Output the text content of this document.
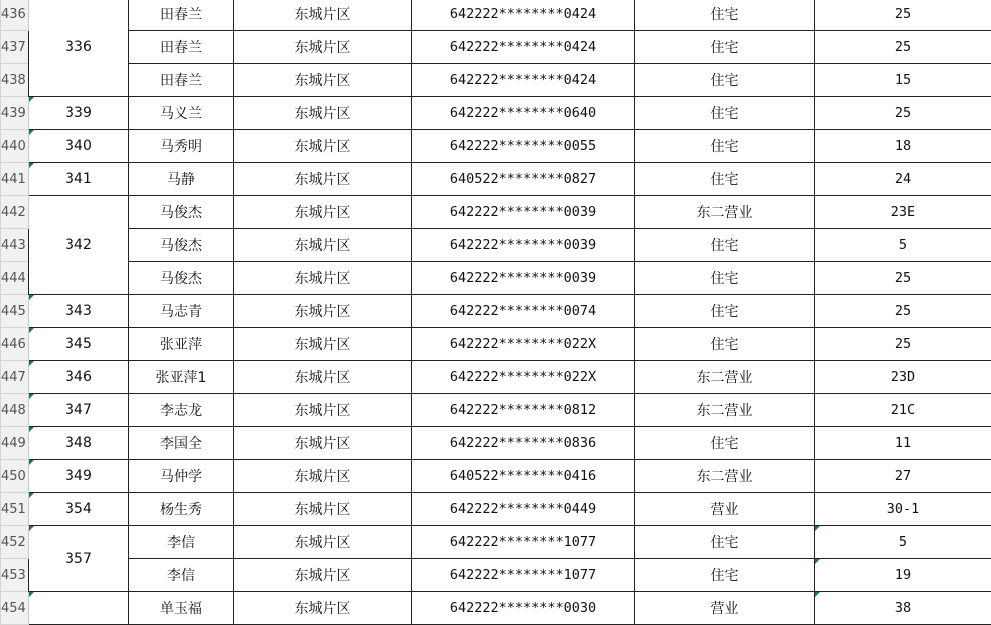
436	336	田春兰	东城片区	642222********0424	住宅	25
437		田春兰	东城片区	642222********0424	住宅	25
438		田春兰	东城片区	642222********0424	住宅	15
439	339	马义兰	东城片区	642222********0640	住宅	25
440	340	马秀明	东城片区	642222********0055	住宅	18
441	341	马静	东城片区	640522********0827	住宅	24
442	342	马俊杰	东城片区	642222********0039	东二营业	23E
443		马俊杰	东城片区	642222********0039	住宅	5
444		马俊杰	东城片区	642222********0039	住宅	25
445	343	马志青	东城片区	642222********0074	住宅	25
446	345	张亚萍	东城片区	642222********022X	住宅	25
447	346	张亚萍1	东城片区	642222********022X	东二营业	23D
448	347	李志龙	东城片区	642222********0812	东二营业	21C
449	348	李国全	东城片区	642222********0836	住宅	11
450	349	马仲学	东城片区	640522********0416	东二营业	27
451	354	杨生秀	东城片区	642222********0449	营业	30-1
452	357	李信	东城片区	642222********1077	住宅	5

453		李信	东城片区	642222********1077	住宅	19

454		单玉福	东城片区	642222********0030	营业	38
